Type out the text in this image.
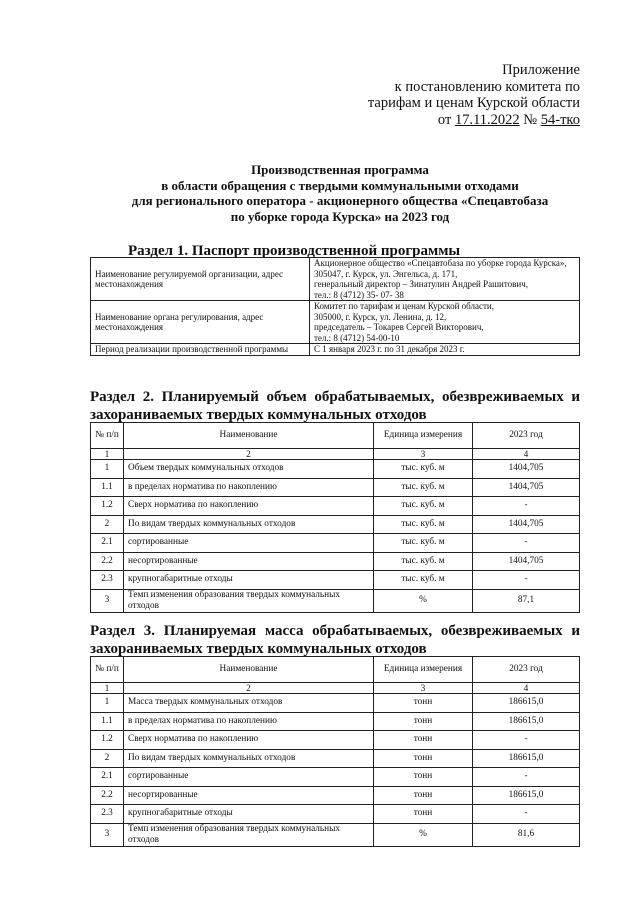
Приложение
к постановлению комитета по
тарифам и ценам Курской области
от 17.11.2022 № 54-тко
Производственная программа
в области обращения с твердыми коммунальными отходами
для регионального оператора - акционерного общества «Спецавтобаза
по уборке города Курска» на 2023 год
Раздел 1. Паспорт производственной программы
Наименование регулируемой организации, адрес местонахождения	Акционерное общество «Спецавтобаза по уборке города Курска»,
305047, г. Курск, ул. Энгельса, д. 171,
генеральный директор – Зинатулин Андрей Рашитович,
тел.: 8 (4712) 35- 07- 38

Наименование органа регулирования, адрес местонахождения	Комитет по тарифам и ценам Курской области,
305000, г. Курск, ул. Ленина, д. 12,
председатель – Токарев Сергей Викторович,
тел.: 8 (4712) 54-00-10

Период реализации производственной программы	С 1 января 2023 г. по 31 декабря 2023 г.
Раздел 2. Планируемый объем обрабатываемых, обезвреживаемых и
захораниваемых твердых коммунальных отходов
№ п/п	Наименование	Единица измерения	2023 год
1	2	3	4
1	Объем твердых коммунальных отходов	тыс. куб. м	1404,705
1.1	в пределах норматива по накоплению	тыс. куб. м	1404,705
1.2	Сверх норматива по накоплению	тыс. куб. м	-
2	По видам твердых коммунальных отходов	тыс. куб. м	1404,705
2.1	сортированные	тыс. куб. м	-
2.2	несортированные	тыс. куб. м	1404,705
2.3	крупногабаритные отходы	тыс. куб. м	-
3	Темп изменения образования твердых коммунальных отходов	%	87,1
Раздел 3. Планируемая масса обрабатываемых, обезвреживаемых и
захораниваемых твердых коммунальных отходов
№ п/п	Наименование	Единица измерения	2023 год
1	2	3	4
1	Масса твердых коммунальных отходов	тонн	186615,0
1.1	в пределах норматива по накоплению	тонн	186615,0
1.2	Сверх норматива по накоплению	тонн	-
2	По видам твердых коммунальных отходов	тонн	186615,0
2.1	сортированные	тонн	-
2.2	несортированные	тонн	186615,0
2.3	крупногабаритные отходы	тонн	-
3	Темп изменения образования твердых коммунальных отходов	%	81,6
